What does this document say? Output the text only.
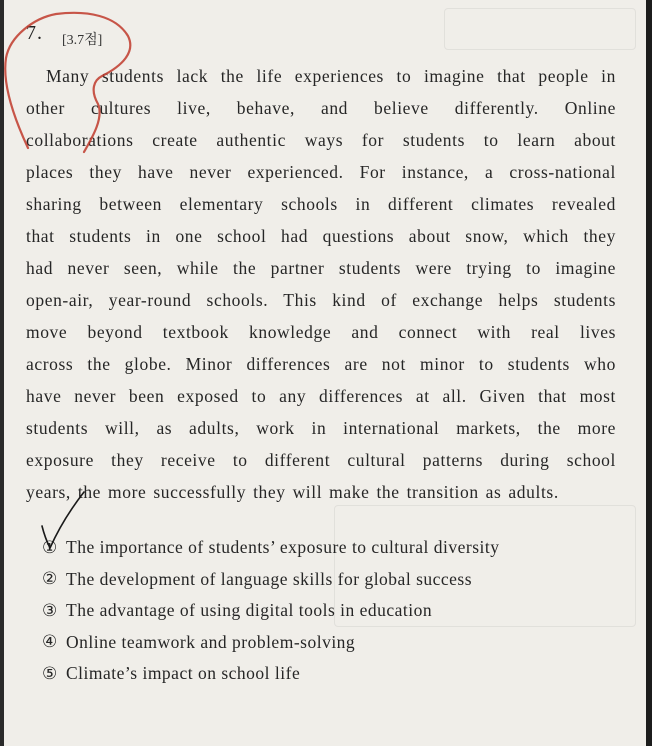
7. [3.7점]
Many students lack the life experiences to imagine that people in
other cultures live, behave, and believe differently. Online
collaborations create authentic ways for students to learn about
places they have never experienced. For instance, a cross-national
sharing between elementary schools in different climates revealed
that students in one school had questions about snow, which they
had never seen, while the partner students were trying to imagine
open-air, year-round schools. This kind of exchange helps students
move beyond textbook knowledge and connect with real lives
across the globe. Minor differences are not minor to students who
have never been exposed to any differences at all. Given that most
students will, as adults, work in international markets, the more
exposure they receive to different cultural patterns during school
years, the more successfully they will make the transition as adults.
① The importance of students’ exposure to cultural diversity
② The development of language skills for global success
③ The advantage of using digital tools in education
④ Online teamwork and problem-solving
⑤ Climate’s impact on school life
